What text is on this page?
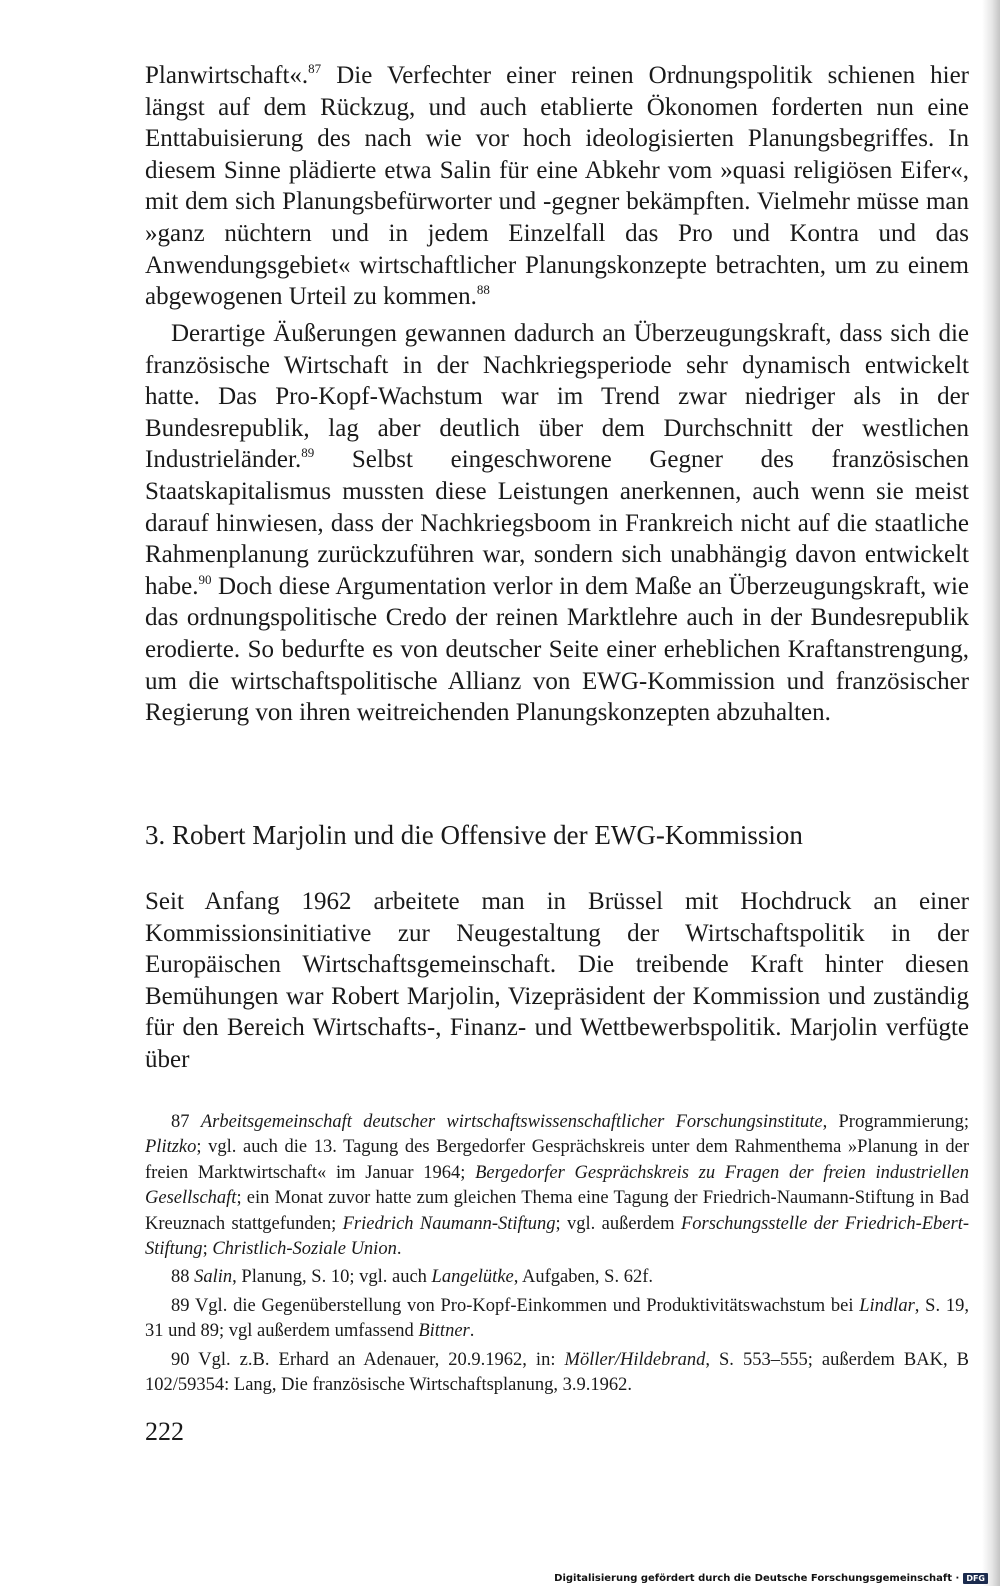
Planwirtschaft«.$^{87}$ Die Verfechter einer reinen Ordnungspolitik schienen hier längst auf dem Rückzug, und auch etablierte Ökonomen forderten nun eine Enttabuisierung des nach wie vor hoch ideologisierten Planungsbegriffes. In diesem Sinne plädierte etwa Salin für eine Abkehr vom »quasi religiösen Eifer«, mit dem sich Planungsbefürworter und -gegner bekämpften. Vielmehr müsse man »ganz nüchtern und in jedem Einzelfall das Pro und Kontra und das Anwendungsgebiet« wirtschaftlicher Planungskonzepte betrachten, um zu einem abgewogenen Urteil zu kommen.$^{88}$

Derartige Äußerungen gewannen dadurch an Überzeugungskraft, dass sich die französische Wirtschaft in der Nachkriegsperiode sehr dynamisch entwickelt hatte. Das Pro-Kopf-Wachstum war im Trend zwar niedriger als in der Bundesrepublik, lag aber deutlich über dem Durchschnitt der westlichen Industrieländer.$^{89}$ Selbst eingeschworene Gegner des französischen Staatskapitalismus mussten diese Leistungen anerkennen, auch wenn sie meist darauf hinwiesen, dass der Nachkriegsboom in Frankreich nicht auf die staatliche Rahmenplanung zurückzuführen war, sondern sich unabhängig davon entwickelt habe.$^{90}$ Doch diese Argumentation verlor in dem Maße an Überzeugungskraft, wie das ordnungspolitische Credo der reinen Marktlehre auch in der Bundesrepublik erodierte. So bedurfte es von deutscher Seite einer erheblichen Kraftanstrengung, um die wirtschaftspolitische Allianz von EWG-Kommission und französischer Regierung von ihren weitreichenden Planungskonzepten abzuhalten.

3. Robert Marjolin und die Offensive der EWG-Kommission

Seit Anfang 1962 arbeitete man in Brüssel mit Hochdruck an einer Kommissionsinitiative zur Neugestaltung der Wirtschaftspolitik in der Europäischen Wirtschaftsgemeinschaft. Die treibende Kraft hinter diesen Bemühungen war Robert Marjolin, Vizepräsident der Kommission und zuständig für den Bereich Wirtschafts-, Finanz- und Wettbewerbspolitik. Marjolin verfügte über

87 Arbeitsgemeinschaft deutscher wirtschaftswissenschaftlicher Forschungsinstitute, Programmierung; Plitzko; vgl. auch die 13. Tagung des Bergedorfer Gesprächskreis unter dem Rahmenthema »Planung in der freien Marktwirtschaft« im Januar 1964; Bergedorfer Gesprächskreis zu Fragen der freien industriellen Gesellschaft; ein Monat zuvor hatte zum gleichen Thema eine Tagung der Friedrich-Naumann-Stiftung in Bad Kreuznach stattgefunden; Friedrich Naumann-Stiftung; vgl. außerdem Forschungsstelle der Friedrich-Ebert-Stiftung; Christlich-Soziale Union.

88 Salin, Planung, S. 10; vgl. auch Langelütke, Aufgaben, S. 62f.

89 Vgl. die Gegenüberstellung von Pro-Kopf-Einkommen und Produktivitätswachstum bei Lindlar, S. 19, 31 und 89; vgl außerdem umfassend Bittner.

90 Vgl. z.B. Erhard an Adenauer, 20.9.1962, in: Möller/Hildebrand, S. 553–555; außerdem BAK, B 102/59354: Lang, Die französische Wirtschaftsplanung, 3.9.1962.

222
Digitalisierung gefördert durch die Deutsche Forschungsgemeinschaft · DFG
